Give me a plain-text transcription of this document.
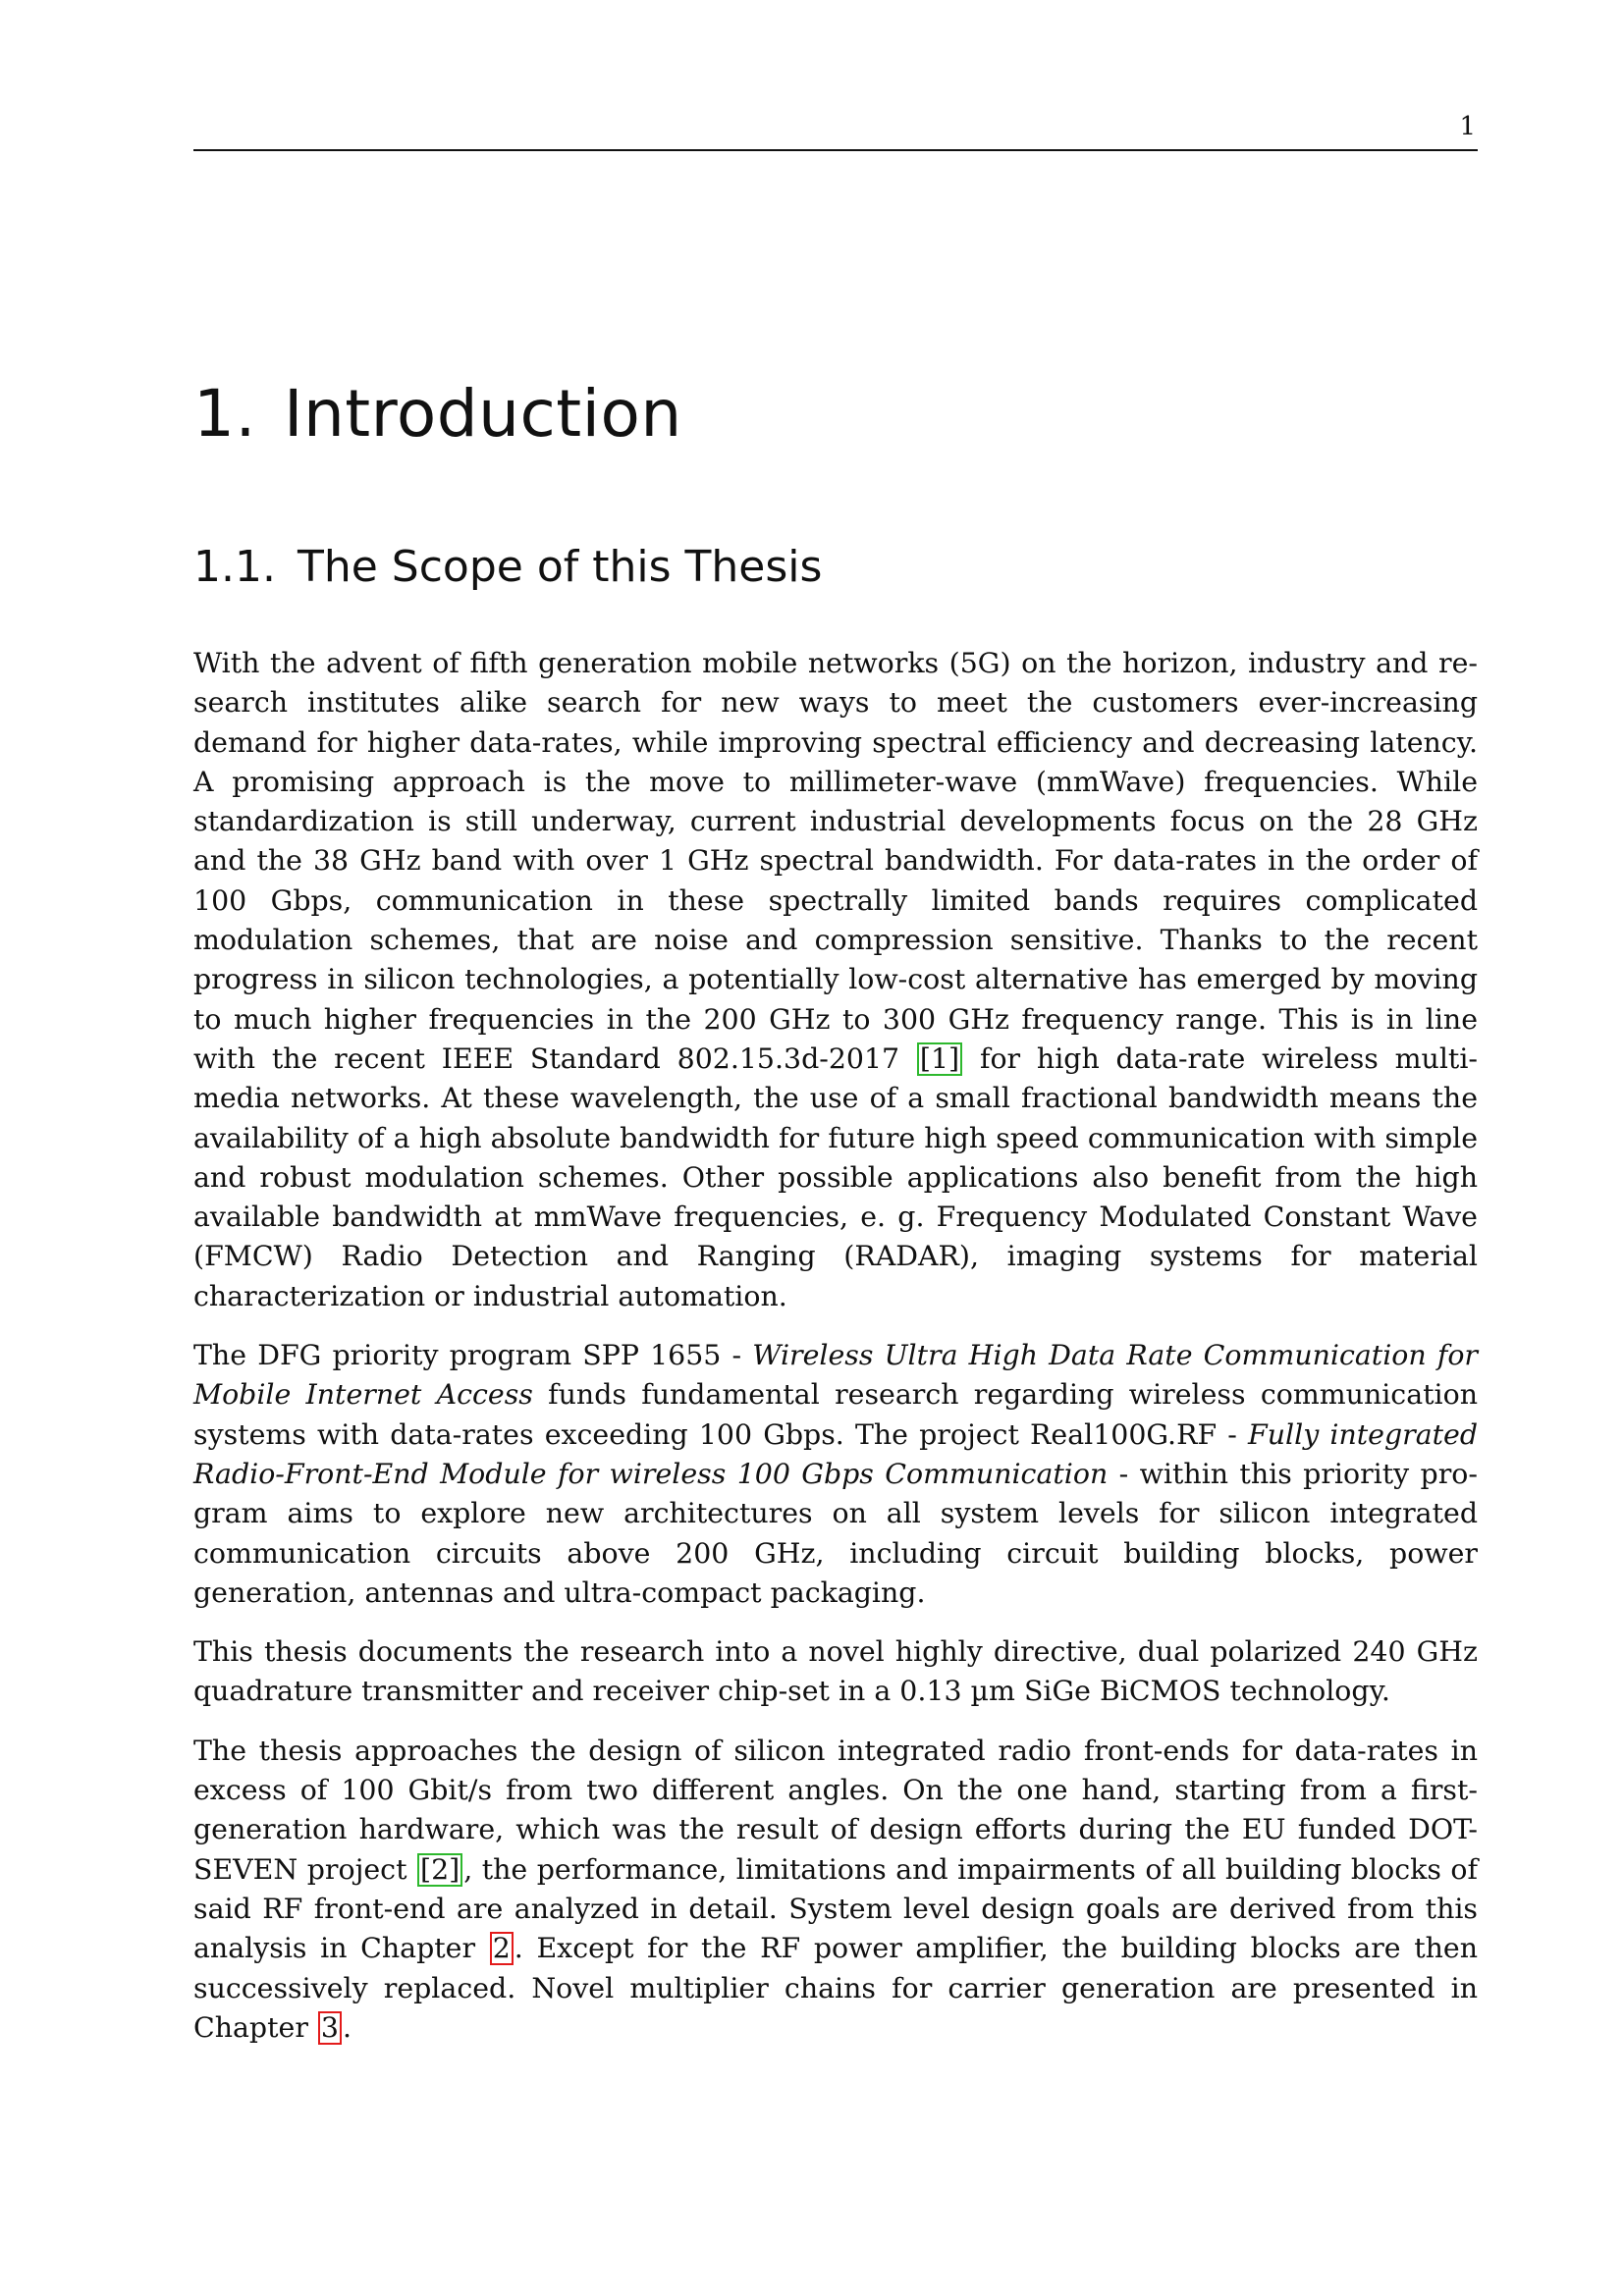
1
1. Introduction
1.1. The Scope of this Thesis

With the advent of fifth generation mobile networks (5G) on the horizon, industry and research institutes alike search for new ways to meet the customers ever-increasing demand for higher data-rates, while improving spectral efficiency and decreasing latency. A promising approach is the move to millimeter-wave (mmWave) frequencies. While standardization is still underway, current industrial developments focus on the 28 GHz and the 38 GHz band with over 1 GHz spectral bandwidth. For data-rates in the order of 100 Gbps, communication in these spectrally limited bands requires complicated modulation schemes, that are noise and compression sensitive. Thanks to the recent progress in silicon technologies, a potentially low-cost alternative has emerged by moving to much higher frequencies in the 200 GHz to 300 GHz frequency range. This is in line with the recent IEEE Standard 802.15.3d-2017 [1] for high data-rate wireless multi-media networks. At these wavelength, the use of a small fractional bandwidth means the availability of a high absolute bandwidth for future high speed communication with simple and robust modulation schemes. Other possible applications also benefit from the high available bandwidth at mmWave frequencies, e. g. Frequency Modulated Constant Wave (FMCW) Radio Detection and Ranging (RADAR), imaging systems for material characterization or industrial automation.

The DFG priority program SPP 1655 - Wireless Ultra High Data Rate Communication for Mobile Internet Access funds fundamental research regarding wireless communication systems with data-rates exceeding 100 Gbps. The project Real100G.RF - Fully integrated Radio-Front-End Module for wireless 100 Gbps Communication - within this priority program aims to explore new architectures on all system levels for silicon integrated communication circuits above 200 GHz, including circuit building blocks, power generation, antennas and ultra-compact packaging.

This thesis documents the research into a novel highly directive, dual polarized 240 GHz quadrature transmitter and receiver chip-set in a 0.13 µm SiGe BiCMOS technology.

The thesis approaches the design of silicon integrated radio front-ends for data-rates in excess of 100 Gbit/s from two different angles. On the one hand, starting from a first-generation hardware, which was the result of design efforts during the EU funded DOT-SEVEN project [2] , the performance, limitations and impairments of all building blocks of said RF front-end are analyzed in detail. System level design goals are derived from this analysis in Chapter 2 . Except for the RF power amplifier, the building blocks are then successively replaced. Novel multiplier chains for carrier generation are presented in Chapter 3 .
